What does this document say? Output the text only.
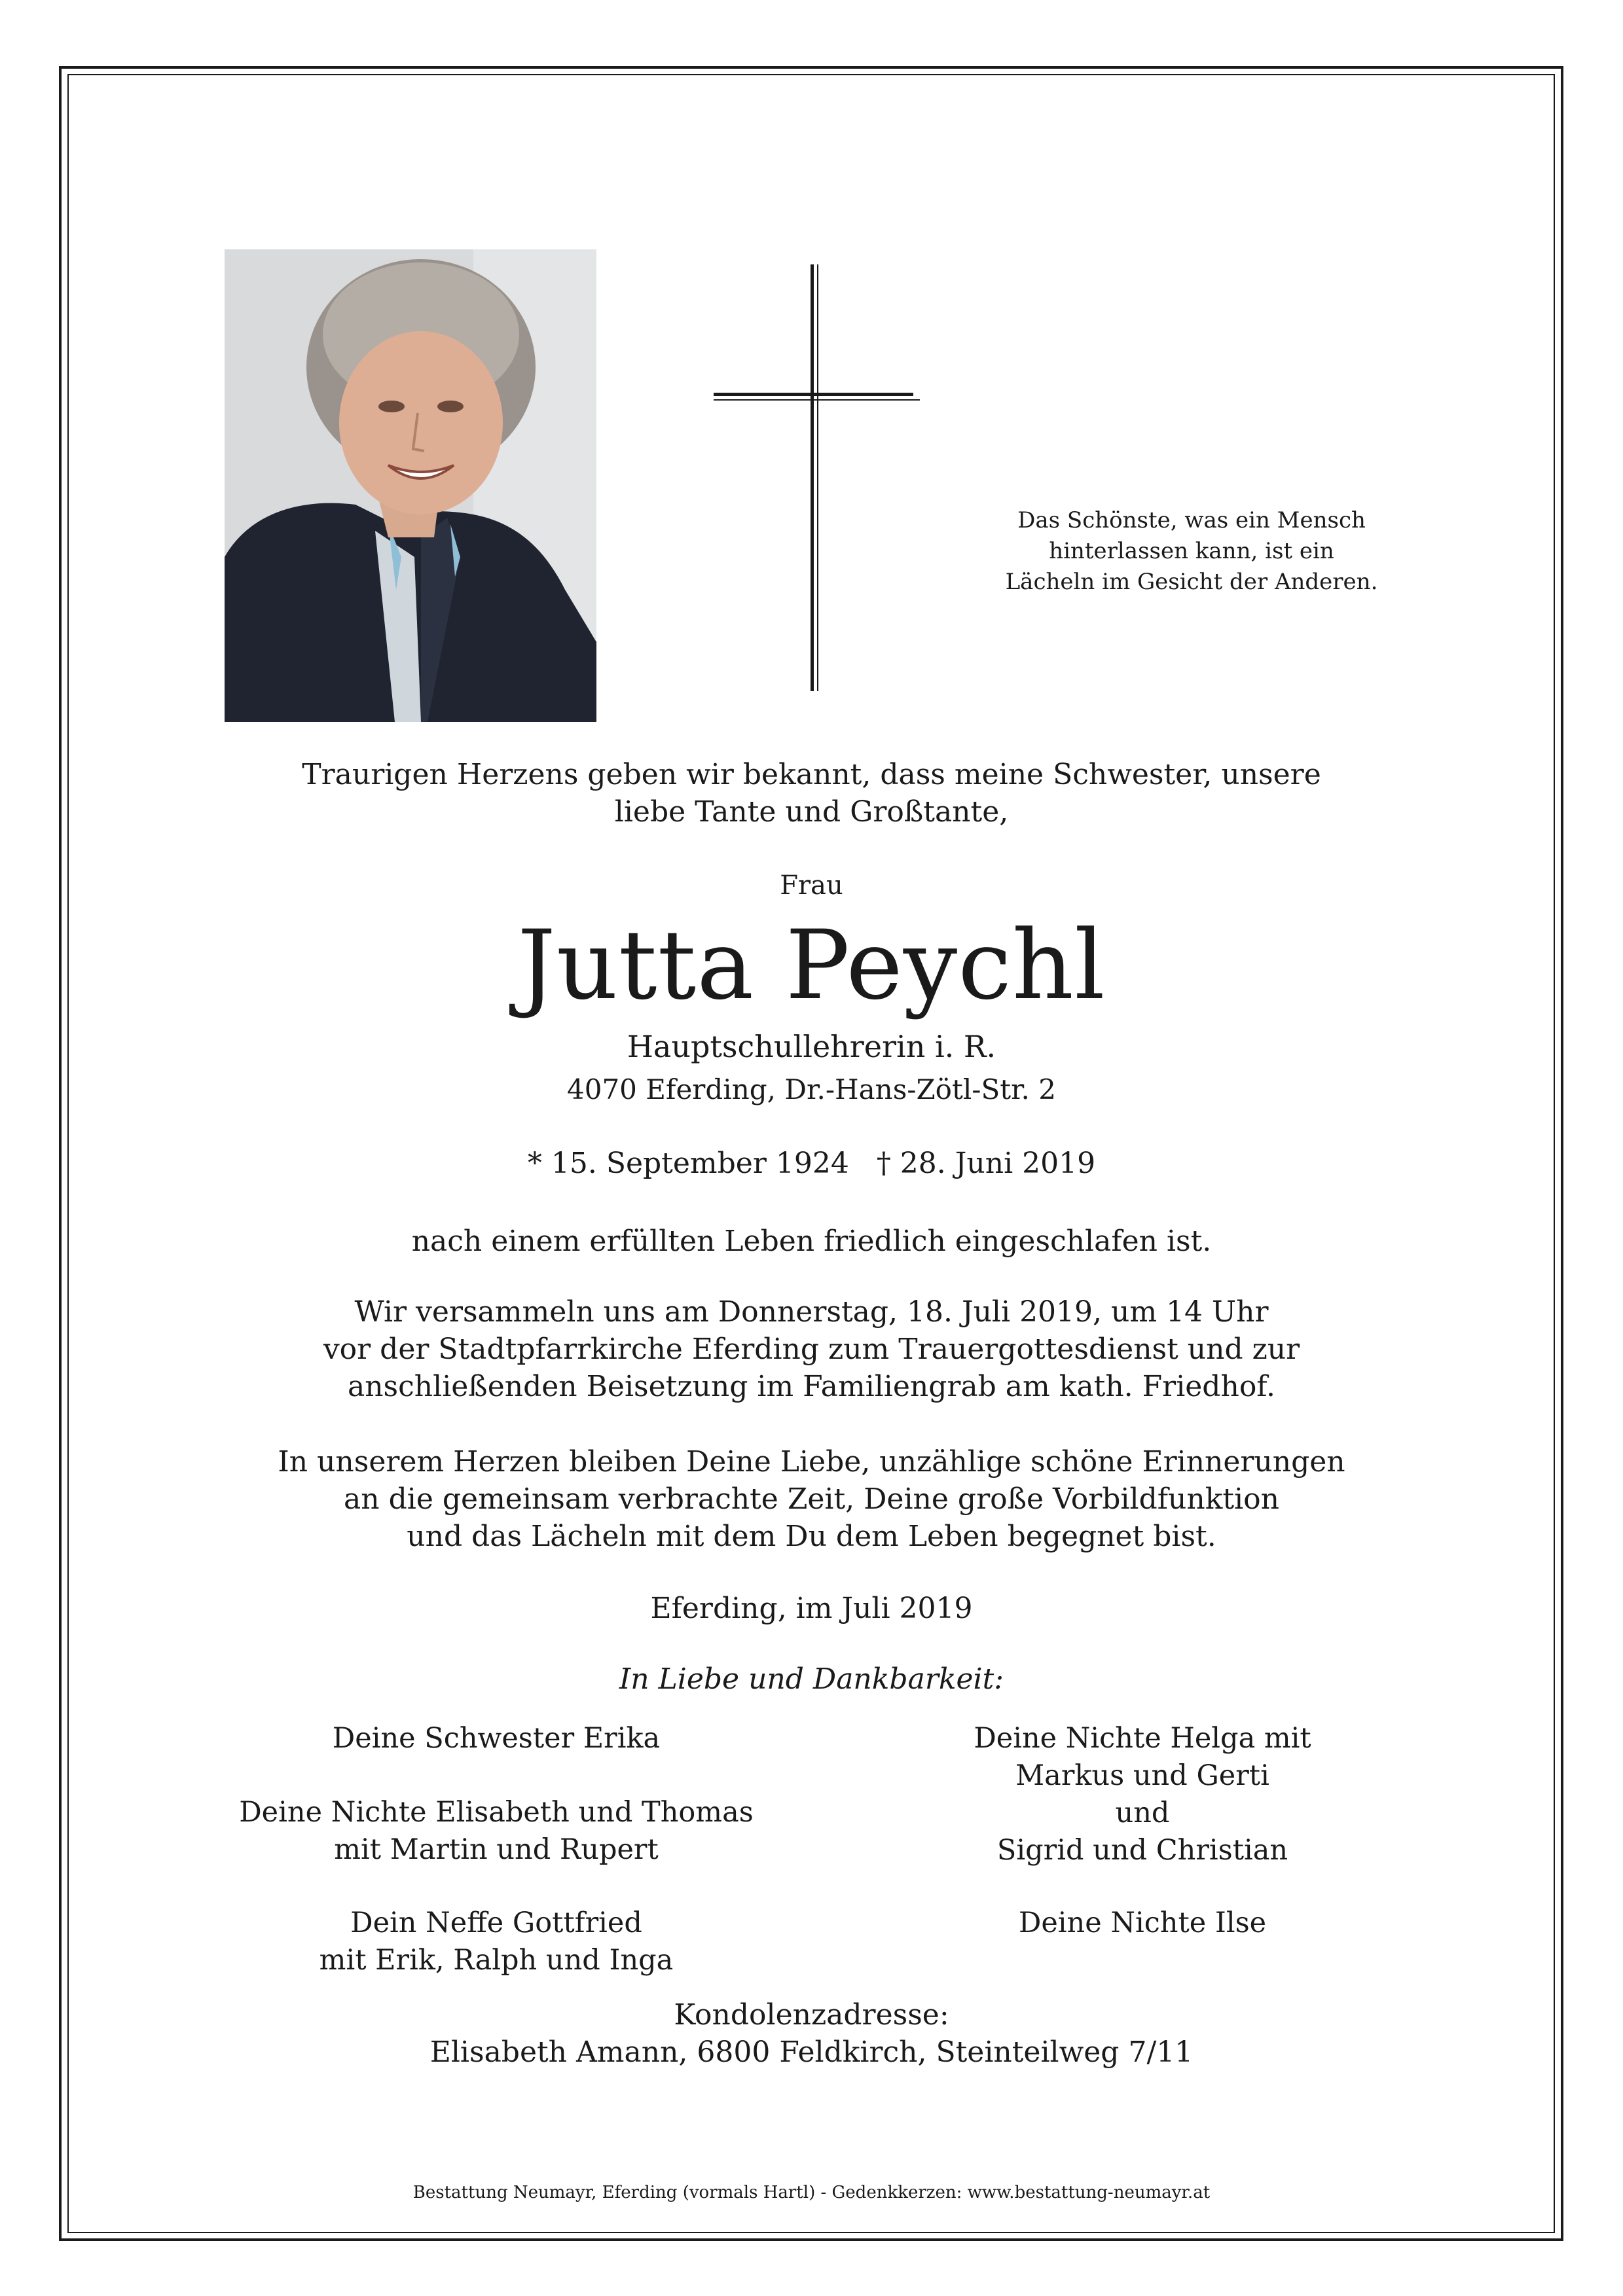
Das Schönste, was ein Mensch
hinterlassen kann, ist ein
Lächeln im Gesicht der Anderen.
Traurigen Herzens geben wir bekannt, dass meine Schwester, unsere
liebe Tante und Großtante,
Frau
Jutta Peychl
Hauptschullehrerin i. R.
4070 Eferding, Dr.-Hans-Zötl-Str. 2
* 15. September 1924 † 28. Juni 2019
nach einem erfüllten Leben friedlich eingeschlafen ist.
Wir versammeln uns am Donnerstag, 18. Juli 2019, um 14 Uhr
vor der Stadtpfarrkirche Eferding zum Trauergottesdienst und zur
anschließenden Beisetzung im Familiengrab am kath. Friedhof.
In unserem Herzen bleiben Deine Liebe, unzählige schöne Erinnerungen
an die gemeinsam verbrachte Zeit, Deine große Vorbildfunktion
und das Lächeln mit dem Du dem Leben begegnet bist.
Eferding, im Juli 2019
In Liebe und Dankbarkeit:
Deine Schwester Erika
Deine Nichte Elisabeth und Thomas
mit Martin und Rupert
Dein Neffe Gottfried
mit Erik, Ralph und Inga
Deine Nichte Helga mit
Markus und Gerti
und
Sigrid und Christian
Deine Nichte Ilse
Kondolenzadresse:
Elisabeth Amann, 6800 Feldkirch, Steinteilweg 7/11
Bestattung Neumayr, Eferding (vormals Hartl) - Gedenkkerzen: www.bestattung-neumayr.at
